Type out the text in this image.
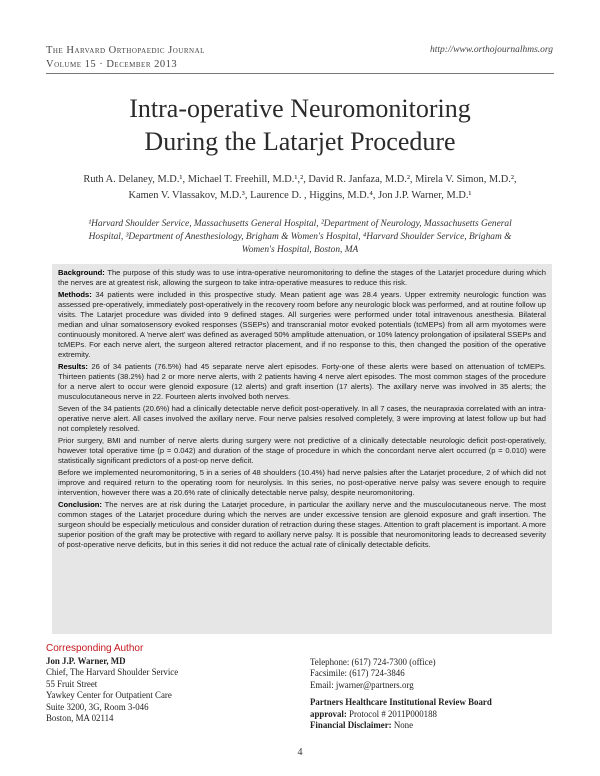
The Harvard Orthopaedic Journal
Volume 15 · December 2013
http://www.orthojournalhms.org
Intra-operative Neuromonitoring
During the Latarjet Procedure
Ruth A. Delaney, M.D.¹, Michael T. Freehill, M.D.¹,², David R. Janfaza, M.D.², Mirela V. Simon, M.D.²,
Kamen V. Vlassakov, M.D.³, Laurence D. , Higgins, M.D.⁴, Jon J.P. Warner, M.D.¹
¹Harvard Shoulder Service, Massachusetts General Hospital, ²Department of Neurology, Massachusetts General
Hospital, ³Department of Anesthesiology, Brigham & Women's Hospital, ⁴Harvard Shoulder Service, Brigham &
Women's Hospital, Boston, MA

Background: The purpose of this study was to use intra-operative neuromonitoring to define the stages of the Latarjet procedure during which the nerves are at greatest risk, allowing the surgeon to take intra-operative measures to reduce this risk.

Methods: 34 patients were included in this prospective study. Mean patient age was 28.4 years. Upper extremity neurologic function was assessed pre-operatively, immediately post-operatively in the recovery room before any neurologic block was performed, and at routine follow up visits. The Latarjet procedure was divided into 9 defined stages. All surgeries were performed under total intravenous anesthesia. Bilateral median and ulnar somatosensory evoked responses (SSEPs) and transcranial motor evoked potentials (tcMEPs) from all arm myotomes were continuously monitored. A 'nerve alert' was defined as averaged 50% amplitude attenuation, or 10% latency prolongation of ipsilateral SSEPs and tcMEPs. For each nerve alert, the surgeon altered retractor placement, and if no response to this, then changed the position of the operative extremity.

Results: 26 of 34 patients (76.5%) had 45 separate nerve alert episodes. Forty-one of these alerts were based on attenuation of tcMEPs. Thirteen patients (38.2%) had 2 or more nerve alerts, with 2 patients having 4 nerve alert episodes. The most common stages of the procedure for a nerve alert to occur were glenoid exposure (12 alerts) and graft insertion (17 alerts). The axillary nerve was involved in 35 alerts; the musculocutaneous nerve in 22. Fourteen alerts involved both nerves.

Seven of the 34 patients (20.6%) had a clinically detectable nerve deficit post-operatively. In all 7 cases, the neurapraxia correlated with an intra-operative nerve alert. All cases involved the axillary nerve. Four nerve palsies resolved completely, 3 were improving at latest follow up but had not completely resolved.

Prior surgery, BMI and number of nerve alerts during surgery were not predictive of a clinically detectable neurologic deficit post-operatively, however total operative time (p = 0.042) and duration of the stage of procedure in which the concordant nerve alert occurred (p = 0.010) were statistically significant predictors of a post-op nerve deficit.

Before we implemented neuromonitoring, 5 in a series of 48 shoulders (10.4%) had nerve palsies after the Latarjet procedure, 2 of which did not improve and required return to the operating room for neurolysis. In this series, no post-operative nerve palsy was severe enough to require intervention, however there was a 20.6% rate of clinically detectable nerve palsy, despite neuromonitoring.

Conclusion: The nerves are at risk during the Latarjet procedure, in particular the axillary nerve and the musculocutaneous nerve. The most common stages of the Latarjet procedure during which the nerves are under excessive tension are glenoid exposure and graft insertion. The surgeon should be especially meticulous and consider duration of retraction during these stages. Attention to graft placement is important. A more superior position of the graft may be protective with regard to axillary nerve palsy. It is possible that neuromonitoring leads to decreased severity of post-operative nerve deficits, but in this series it did not reduce the actual rate of clinically detectable deficits.

Corresponding Author
Jon J.P. Warner, MD
Chief, The Harvard Shoulder Service
55 Fruit Street
Yawkey Center for Outpatient Care
Suite 3200, 3G, Room 3-046
Boston, MA 02114
Telephone: (617) 724-7300 (office)
Facsimile: (617) 724-3846
Email: jwarner@partners.org
Partners Healthcare Institutional Review Board
approval: Protocol # 2011P000188
Financial Disclaimer: None
4
